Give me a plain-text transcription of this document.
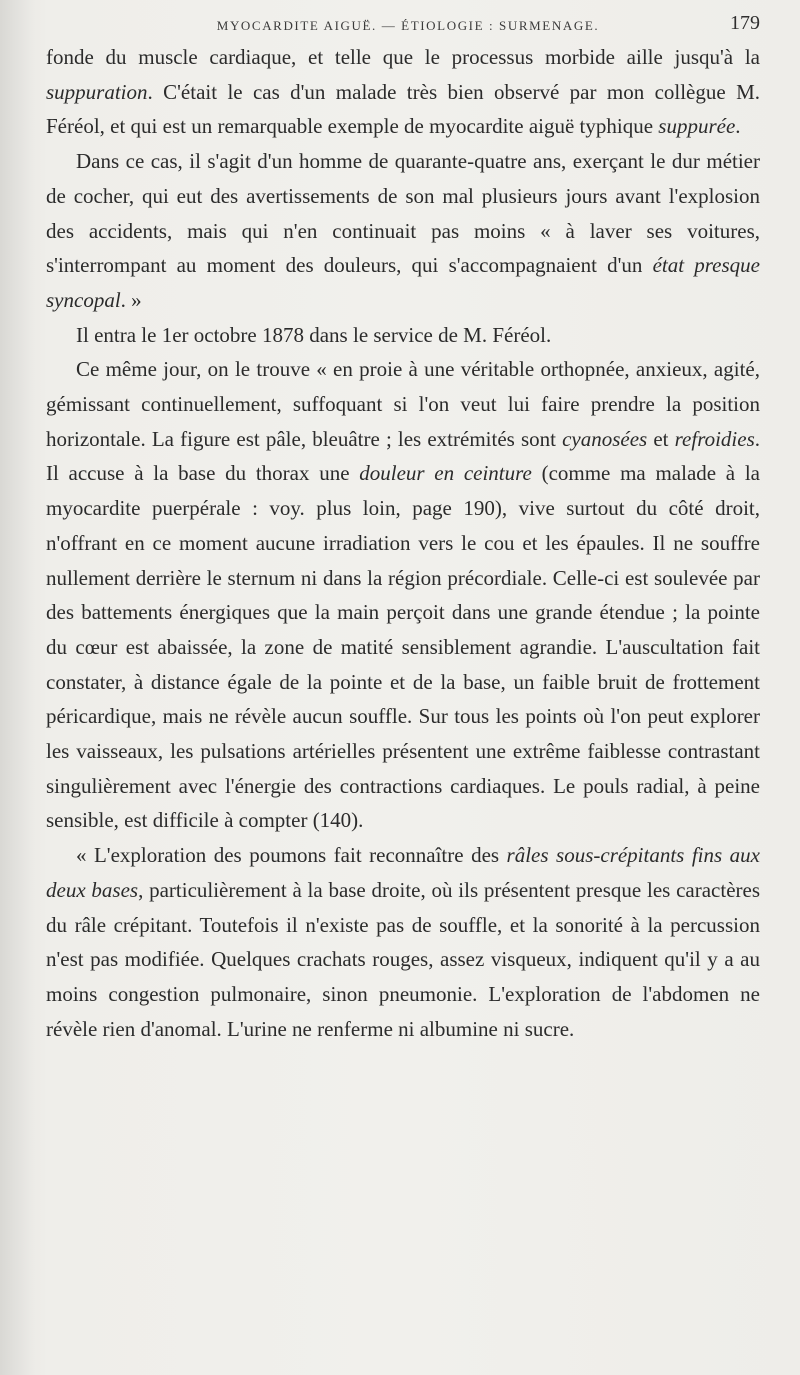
MYOCARDITE AIGUË. — ÉTIOLOGIE : SURMENAGE.	179

fonde du muscle cardiaque, et telle que le processus morbide aille jusqu'à la suppuration. C'était le cas d'un malade très bien observé par mon collègue M. Féréol, et qui est un remarquable exemple de myocardite aiguë typhique suppurée.

Dans ce cas, il s'agit d'un homme de quarante-quatre ans, exerçant le dur métier de cocher, qui eut des avertissements de son mal plusieurs jours avant l'explosion des accidents, mais qui n'en continuait pas moins « à laver ses voitures, s'interrompant au moment des douleurs, qui s'accompagnaient d'un état presque syncopal. »

Il entra le 1er octobre 1878 dans le service de M. Féréol.

Ce même jour, on le trouve « en proie à une véritable orthopnée, anxieux, agité, gémissant continuellement, suffoquant si l'on veut lui faire prendre la position horizontale. La figure est pâle, bleuâtre ; les extrémités sont cyanosées et refroidies. Il accuse à la base du thorax une douleur en ceinture (comme ma malade à la myocardite puerpérale : voy. plus loin, page 190), vive surtout du côté droit, n'offrant en ce moment aucune irradiation vers le cou et les épaules. Il ne souffre nullement derrière le sternum ni dans la région précordiale. Celle-ci est soulevée par des battements énergiques que la main perçoit dans une grande étendue ; la pointe du cœur est abaissée, la zone de matité sensiblement agrandie. L'auscultation fait constater, à distance égale de la pointe et de la base, un faible bruit de frottement péricardique, mais ne révèle aucun souffle. Sur tous les points où l'on peut explorer les vaisseaux, les pulsations artérielles présentent une extrême faiblesse contrastant singulièrement avec l'énergie des contractions cardiaques. Le pouls radial, à peine sensible, est difficile à compter (140).

« L'exploration des poumons fait reconnaître des râles sous-crépitants fins aux deux bases, particulièrement à la base droite, où ils présentent presque les caractères du râle crépitant. Toutefois il n'existe pas de souffle, et la sonorité à la percussion n'est pas modifiée. Quelques crachats rouges, assez visqueux, indiquent qu'il y a au moins congestion pulmonaire, sinon pneumonie. L'exploration de l'abdomen ne révèle rien d'anomal. L'urine ne renferme ni albumine ni sucre.
